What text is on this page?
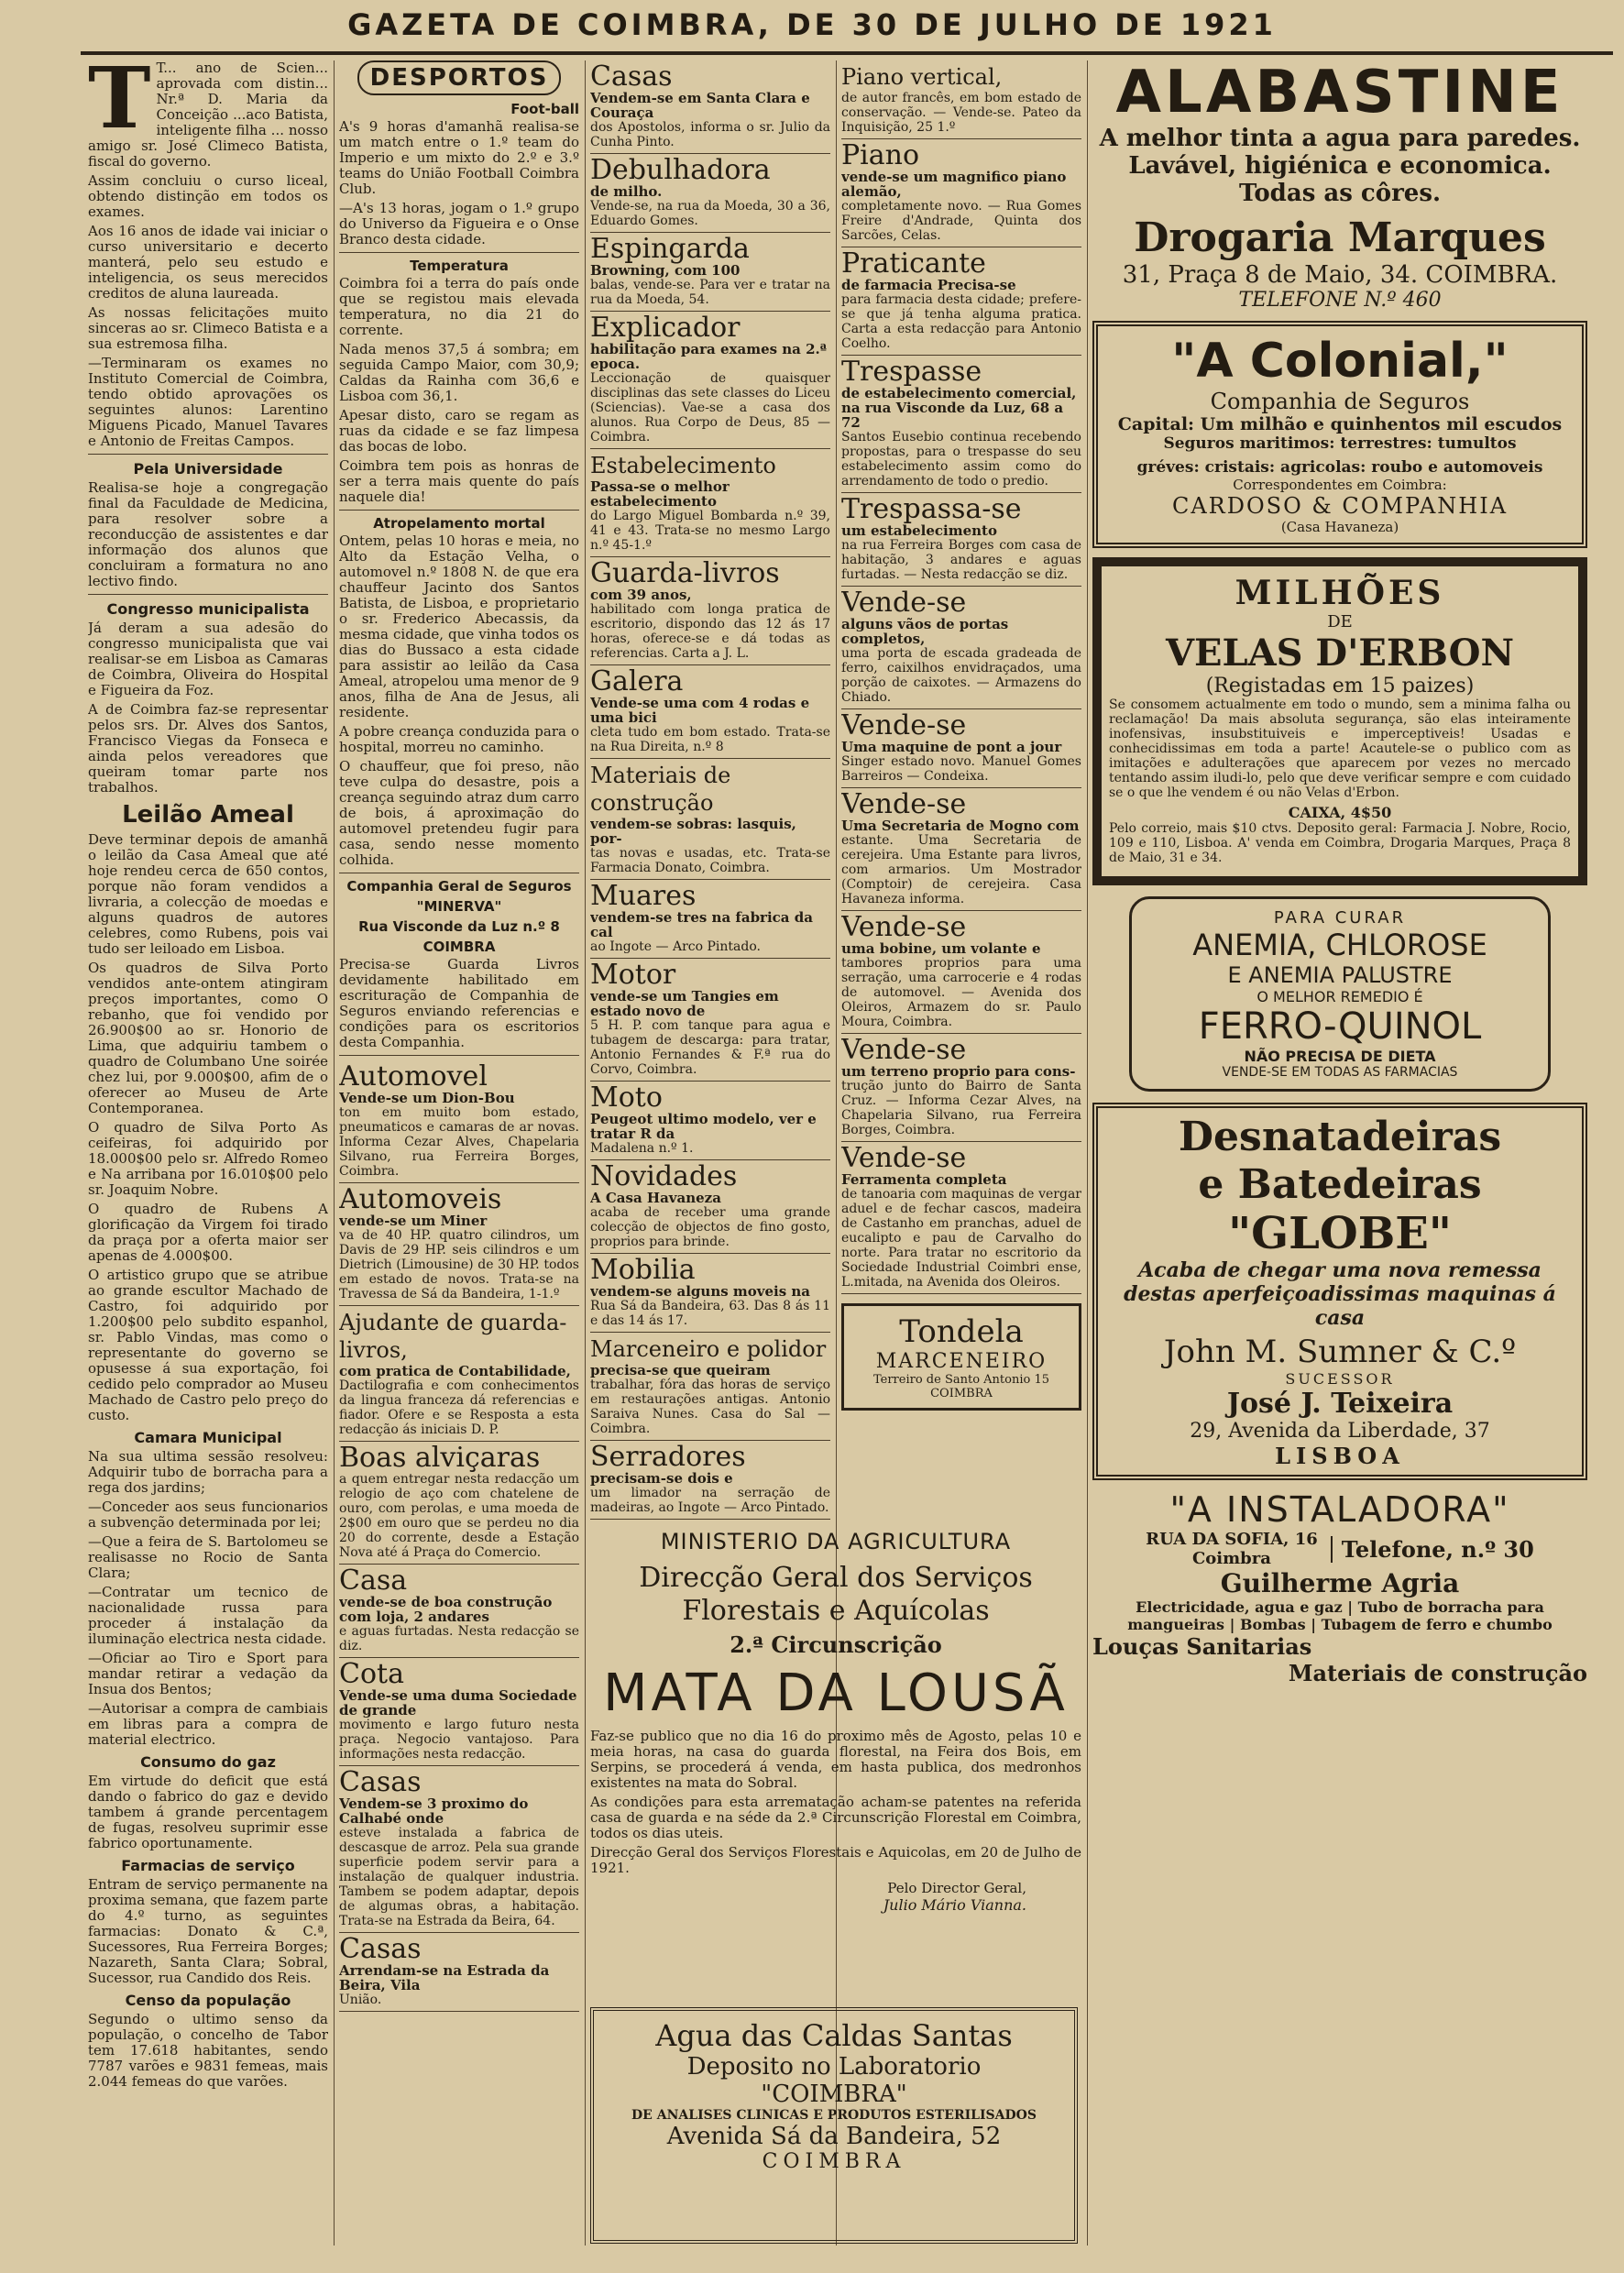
GAZETA DE COIMBRA, DE 30 DE JULHO DE 1921
T T... ano de Scien... aprovada com distin... Nr.ª D. Maria da Conceição ...aco Batista, inteligente filha ... nosso amigo sr. José Climeco Batista, fiscal do governo.

Assim concluiu o curso liceal, obtendo distinção em todos os exames.

Aos 16 anos de idade vai iniciar o curso universitario e decerto manterá, pelo seu estudo e inteligencia, os seus merecidos creditos de aluna laureada.

As nossas felicitações muito sinceras ao sr. Climeco Batista e a sua estremosa filha.

—Terminaram os exames no Instituto Comercial de Coimbra, tendo obtido aprovações os seguintes alunos: Larentino Miguens Picado, Manuel Tavares e Antonio de Freitas Campos.

Pela Universidade

Realisa-se hoje a congregação final da Faculdade de Medicina, para resolver sobre a reconducção de assistentes e dar informação dos alunos que concluiram a formatura no ano lectivo findo.

Congresso municipalista

Já deram a sua adesão do congresso municipalista que vai realisar-se em Lisboa as Camaras de Coimbra, Oliveira do Hospital e Figueira da Foz.

A de Coimbra faz-se representar pelos srs. Dr. Alves dos Santos, Francisco Viegas da Fonseca e ainda pelos vereadores que queiram tomar parte nos trabalhos.

Leilão Ameal

Deve terminar depois de amanhã o leilão da Casa Ameal que até hoje rendeu cerca de 650 contos, porque não foram vendidos a livraria, a colecção de moedas e alguns quadros de autores celebres, como Rubens, pois vai tudo ser leiloado em Lisboa.

Os quadros de Silva Porto vendidos ante-ontem atingiram preços importantes, como O rebanho, que foi vendido por 26.900$00 ao sr. Honorio de Lima, que adquiriu tambem o quadro de Columbano Une soirée chez lui, por 9.000$00, afim de o oferecer ao Museu de Arte Contemporanea.

O quadro de Silva Porto As ceifeiras, foi adquirido por 18.000$00 pelo sr. Alfredo Romeo e Na arribana por 16.010$00 pelo sr. Joaquim Nobre.

O quadro de Rubens A glorificação da Virgem foi tirado da praça por a oferta maior ser apenas de 4.000$00.

O artistico grupo que se atribue ao grande escultor Machado de Castro, foi adquirido por 1.200$00 pelo subdito espanhol, sr. Pablo Vindas, mas como o representante do governo se opusesse á sua exportação, foi cedido pelo comprador ao Museu Machado de Castro pelo preço do custo.

Camara Municipal

Na sua ultima sessão resolveu: Adquirir tubo de borracha para a rega dos jardins;

—Conceder aos seus funcionarios a subvenção determinada por lei;

—Que a feira de S. Bartolomeu se realisasse no Rocio de Santa Clara;

—Contratar um tecnico de nacionalidade russa para proceder á instalação da iluminação electrica nesta cidade.

—Oficiar ao Tiro e Sport para mandar retirar a vedação da Insua dos Bentos;

—Autorisar a compra de cambiais em libras para a compra de material electrico.

Consumo do gaz

Em virtude do deficit que está dando o fabrico do gaz e devido tambem á grande percentagem de fugas, resolveu suprimir esse fabrico oportunamente.

Farmacias de serviço

Entram de serviço permanente na proxima semana, que fazem parte do 4.º turno, as seguintes farmacias: Donato & C.ª, Sucessores, Rua Ferreira Borges; Nazareth, Santa Clara; Sobral, Sucessor, rua Candido dos Reis.

Censo da população

Segundo o ultimo senso da população, o concelho de Tabor tem 17.618 habitantes, sendo 7787 varões e 9831 femeas, mais 2.044 femeas do que varões.

DESPORTOS
Foot-ball

A's 9 horas d'amanhã realisa-se um match entre o 1.º team do Imperio e um mixto do 2.º e 3.º teams do União Football Coimbra Club.

—A's 13 horas, jogam o 1.º grupo do Universo da Figueira e o Onse Branco desta cidade.

Temperatura

Coimbra foi a terra do país onde que se registou mais elevada temperatura, no dia 21 do corrente.

Nada menos 37,5 á sombra; em seguida Campo Maior, com 30,9; Caldas da Rainha com 36,6 e Lisboa com 36,1.

Apesar disto, caro se regam as ruas da cidade e se faz limpesa das bocas de lobo.

Coimbra tem pois as honras de ser a terra mais quente do país naquele dia!

Atropelamento mortal

Ontem, pelas 10 horas e meia, no Alto da Estação Velha, o automovel n.º 1808 N. de que era chauffeur Jacinto dos Santos Batista, de Lisboa, e proprietario o sr. Frederico Abecassis, da mesma cidade, que vinha todos os dias do Bussaco a esta cidade para assistir ao leilão da Casa Ameal, atropelou uma menor de 9 anos, filha de Ana de Jesus, ali residente.

A pobre creança conduzida para o hospital, morreu no caminho.

O chauffeur, que foi preso, não teve culpa do desastre, pois a creança seguindo atraz dum carro de bois, á aproximação do automovel pretendeu fugir para casa, sendo nesse momento colhida.

Companhia Geral de Seguros
"MINERVA"
Rua Visconde da Luz n.º 8
COIMBRA

Precisa-se Guarda Livros devidamente habilitado em escrituração de Companhia de Seguros enviando referencias e condições para os escritorios desta Companhia.

Automovel
Vende-se um Dion-Bou
ton em muito bom estado, pneumaticos e camaras de ar novas. Informa Cezar Alves, Chapelaria Silvano, rua Ferreira Borges, Coimbra.
Automoveis
vende-se um Miner
va de 40 HP. quatro cilindros, um Davis de 29 HP. seis cilindros e um Dietrich (Limousine) de 30 HP. todos em estado de novos. Trata-se na Travessa de Sá da Bandeira, 1-1.º
Ajudante de guarda-livros,
com pratica de Contabilidade,
Dactilografia e com conhecimentos da lingua franceza dá referencias e fiador. Ofere e se Resposta a esta redacção ás iniciais D. P.
Boas alviçaras
a quem entregar nesta redacção um relogio de aço com chatelene de ouro, com perolas, e uma moeda de 2$00 em ouro que se perdeu no dia 20 do corrente, desde a Estação Nova até á Praça do Comercio.
Casa
vende-se de boa construção com loja, 2 andares
e aguas furtadas. Nesta redacção se diz.
Cota
Vende-se uma duma Sociedade de grande
movimento e largo futuro nesta praça. Negocio vantajoso. Para informações nesta redacção.
Casas
Vendem-se 3 proximo do Calhabé onde
esteve instalada a fabrica de descasque de arroz. Pela sua grande superficie podem servir para a instalação de qualquer industria. Tambem se podem adaptar, depois de algumas obras, a habitação. Trata-se na Estrada da Beira, 64.
Casas
Arrendam-se na Estrada da Beira, Vila
União.
Casas
Vendem-se em Santa Clara e Couraça
dos Apostolos, informa o sr. Julio da Cunha Pinto.
Debulhadora
de milho.
Vende-se, na rua da Moeda, 30 a 36, Eduardo Gomes.
Espingarda
Browning, com 100
balas, vende-se. Para ver e tratar na rua da Moeda, 54.
Explicador
habilitação para exames na 2.ª epoca.
Leccionação de quaisquer disciplinas das sete classes do Liceu (Sciencias). Vae-se a casa dos alunos. Rua Corpo de Deus, 85 — Coimbra.
Estabelecimento
Passa-se o melhor estabelecimento
do Largo Miguel Bombarda n.º 39, 41 e 43. Trata-se no mesmo Largo n.º 45-1.º
Guarda-livros
com 39 anos,
habilitado com longa pratica de escritorio, dispondo das 12 ás 17 horas, oferece-se e dá todas as referencias. Carta a J. L.
Galera
Vende-se uma com 4 rodas e uma bici
cleta tudo em bom estado. Trata-se na Rua Direita, n.º 8
Materiais de construção
vendem-se sobras: lasquis, por-
tas novas e usadas, etc. Trata-se Farmacia Donato, Coimbra.
Muares
vendem-se tres na fabrica da cal
ao Ingote — Arco Pintado.
Motor
vende-se um Tangies em estado novo de
5 H. P. com tanque para agua e tubagem de descarga: para tratar, Antonio Fernandes & F.ª rua do Corvo, Coimbra.
Moto
Peugeot ultimo modelo, ver e tratar R da
Madalena n.º 1.
Novidades
A Casa Havaneza
acaba de receber uma grande colecção de objectos de fino gosto, proprios para brinde.
Mobilia
vendem-se alguns moveis na
Rua Sá da Bandeira, 63. Das 8 ás 11 e das 14 ás 17.
Marceneiro e polidor
precisa-se que queiram
trabalhar, fóra das horas de serviço em restaurações antigas. Antonio Saraiva Nunes. Casa do Sal — Coimbra.
Serradores
precisam-se dois e
um limador na serração de madeiras, ao Ingote — Arco Pintado.
Piano vertical,
de autor francês, em bom estado de conservação. — Vende-se. Pateo da Inquisição, 25 1.º
Piano
vende-se um magnifico piano alemão,
completamente novo. — Rua Gomes Freire d'Andrade, Quinta dos Sarcões, Celas.
Praticante
de farmacia Precisa-se
para farmacia desta cidade; prefere-se que já tenha alguma pratica. Carta a esta redacção para Antonio Coelho.
Trespasse
de estabelecimento comercial, na rua Visconde da Luz, 68 a 72
Santos Eusebio continua recebendo propostas, para o trespasse do seu estabelecimento assim como do arrendamento de todo o predio.
Trespassa-se
um estabelecimento
na rua Ferreira Borges com casa de habitação, 3 andares e aguas furtadas. — Nesta redacção se diz.
Vende-se
alguns vãos de portas completos,
uma porta de escada gradeada de ferro, caixilhos envidraçados, uma porção de caixotes. — Armazens do Chiado.
Vende-se
Uma maquine de pont a jour
Singer estado novo. Manuel Gomes Barreiros — Condeixa.
Vende-se
Uma Secretaria de Mogno com
estante. Uma Secretaria de cerejeira. Uma Estante para livros, com armarios. Um Mostrador (Comptoir) de cerejeira. Casa Havaneza informa.
Vende-se
uma bobine, um volante e
tambores proprios para uma serração, uma carrocerie e 4 rodas de automovel. — Avenida dos Oleiros, Armazem do sr. Paulo Moura, Coimbra.
Vende-se
um terreno proprio para cons-
trução junto do Bairro de Santa Cruz. — Informa Cezar Alves, na Chapelaria Silvano, rua Ferreira Borges, Coimbra.
Vende-se
Ferramenta completa
de tanoaria com maquinas de vergar aduel e de fechar cascos, madeira de Castanho em pranchas, aduel de eucalipto e pau de Carvalho do norte. Para tratar no escritorio da Sociedade Industrial Coimbri ense, L.mitada, na Avenida dos Oleiros.
Tondela
MARCENEIRO
Terreiro de Santo Antonio 15
COIMBRA
MINISTERIO DA AGRICULTURA
Direcção Geral dos Serviços Florestais e Aquícolas
2.ª Circunscrição
MATA DA LOUSÃ

Faz-se publico que no dia 16 do proximo mês de Agosto, pelas 10 e meia horas, na casa do guarda florestal, na Feira dos Bois, em Serpins, se procederá á venda, em hasta publica, dos medronhos existentes na mata do Sobral.

As condições para esta arrematação acham-se patentes na referida casa de guarda e na séde da 2.ª Circunscrição Florestal em Coimbra, todos os dias uteis.

Direcção Geral dos Serviços Florestais e Aquicolas, em 20 de Julho de 1921.

Pelo Director Geral,
Julio Mário Vianna.
Agua das Caldas Santas
Deposito no Laboratorio
"COIMBRA"
DE ANALISES CLINICAS E PRODUTOS ESTERILISADOS
Avenida Sá da Bandeira, 52
COIMBRA
ALABASTINE
A melhor tinta a agua para paredes.
Lavável, higiénica e economica.
Todas as côres.
Drogaria Marques
31, Praça 8 de Maio, 34. COIMBRA.
TELEFONE N.º 460
"A Colonial,"
Companhia de Seguros
Capital: Um milhão e quinhentos mil escudos
Seguros maritimos: terrestres: tumultos
gréves: cristais: agricolas: roubo e automoveis
Correspondentes em Coimbra:
CARDOSO & COMPANHIA
(Casa Havaneza)
MILHÕES
DE
VELAS D'ERBON
(Registadas em 15 paizes)

Se consomem actualmente em todo o mundo, sem a minima falha ou reclamação! Da mais absoluta segurança, são elas inteiramente inofensivas, insubstituiveis e imperceptiveis! Usadas e conhecidissimas em toda a parte! Acautele-se o publico com as imitações e adulterações que aparecem por vezes no mercado tentando assim iludi-lo, pelo que deve verificar sempre e com cuidado se o que lhe vendem é ou não Velas d'Erbon.

CAIXA, 4$50

Pelo correio, mais $10 ctvs. Deposito geral: Farmacia J. Nobre, Rocio, 109 e 110, Lisboa. A' venda em Coimbra, Drogaria Marques, Praça 8 de Maio, 31 e 34.

PARA CURAR
ANEMIA, CHLOROSE
E ANEMIA PALUSTRE
O MELHOR REMEDIO É
FERRO-QUINOL
NÃO PRECISA DE DIETA
VENDE-SE EM TODAS AS FARMACIAS
Desnatadeiras
e Batedeiras
"GLOBE"
Acaba de chegar uma nova remessa destas aperfeiçoadissimas maquinas á casa
John M. Sumner & C.º
SUCESSOR
José J. Teixeira
29, Avenida da Liberdade, 37
LISBOA
"A INSTALADORA"
RUA DA SOFIA, 16
Coimbra	Telefone, n.º 30
Guilherme Agria
Electricidade, agua e gaz | Tubo de borracha para mangueiras | Bombas | Tubagem de ferro e chumbo
Louças Sanitarias
Materiais de construção
